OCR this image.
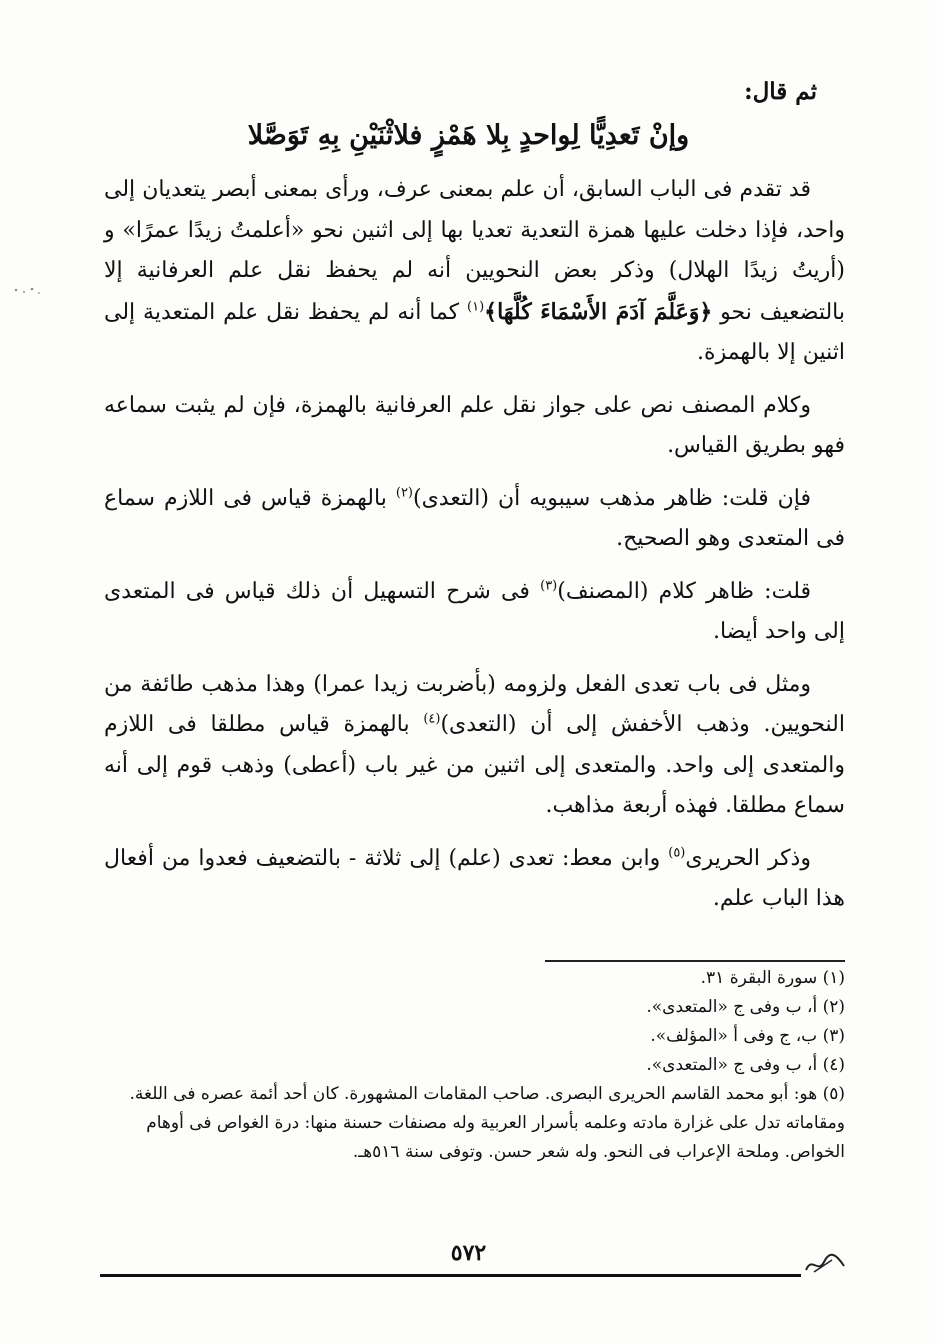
ثم قال:

وإنْ تَعدِيًّا لِواحدٍ بِلا هَمْزٍ فلاثْنَيْنِ بِهِ تَوَصَّلا

قد تقدم فى الباب السابق، أن علم بمعنى عرف، ورأى بمعنى أبصر يتعديان إلى واحد، فإذا دخلت عليها همزة التعدية تعديا بها إلى اثنين نحو «أعلمتُ زيدًا عمرًا» و (أريتُ زيدًا الهلال) وذكر بعض النحويين أنه لم يحفظ نقل علم العرفانية إلا بالتضعيف نحو ﴿وَعَلَّمَ آدَمَ الأَسْمَاءَ كُلَّهَا﴾$^{(١)}$ كما أنه لم يحفظ نقل علم المتعدية إلى اثنين إلا بالهمزة.

وكلام المصنف نص على جواز نقل علم العرفانية بالهمزة، فإن لم يثبت سماعه فهو بطريق القياس.

فإن قلت: ظاهر مذهب سيبويه أن (التعدى)$^{(٢)}$ بالهمزة قياس فى اللازم سماع فى المتعدى وهو الصحيح.

قلت: ظاهر كلام (المصنف)$^{(٣)}$ فى شرح التسهيل أن ذلك قياس فى المتعدى إلى واحد أيضا.

ومثل فى باب تعدى الفعل ولزومه (بأضربت زيدا عمرا) وهذا مذهب طائفة من النحويين. وذهب الأخفش إلى أن (التعدى)$^{(٤)}$ بالهمزة قياس مطلقا فى اللازم والمتعدى إلى واحد. والمتعدى إلى اثنين من غير باب (أعطى) وذهب قوم إلى أنه سماع مطلقا. فهذه أربعة مذاهب.

وذكر الحريرى$^{(٥)}$ وابن معط: تعدى (علم) إلى ثلاثة - بالتضعيف فعدوا من أفعال هذا الباب علم.

(١) سورة البقرة ٣١.
(٢) أ، ب وفى ج «المتعدى».
(٣) ب، ج وفى أ «المؤلف».
(٤) أ، ب وفى ج «المتعدى».
(٥) هو: أبو محمد القاسم الحريرى البصرى. صاحب المقامات المشهورة. كان أحد أئمة عصره فى اللغة. ومقاماته تدل على غزارة مادته وعلمه بأسرار العربية وله مصنفات حسنة منها: درة الغواص فى أوهام الخواص. وملحة الإعراب فى النحو. وله شعر حسن. وتوفى سنة ٥١٦هـ.
٥٧٢
